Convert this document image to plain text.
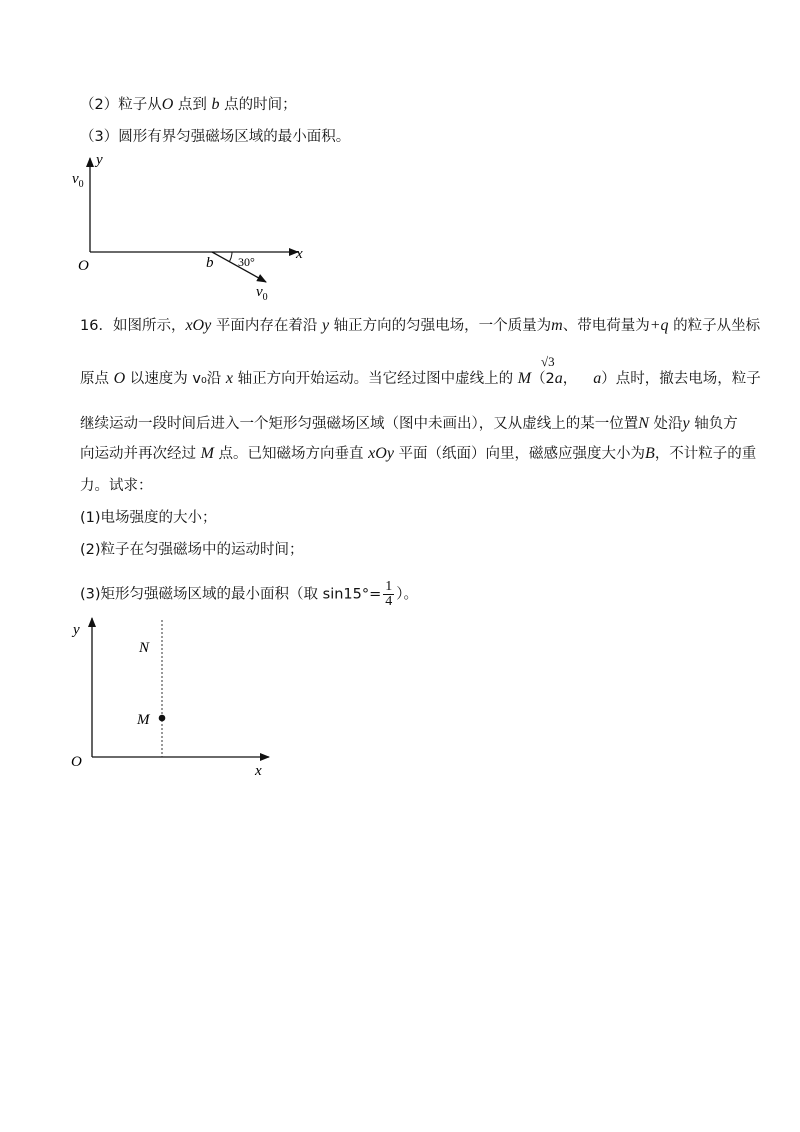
（2）粒子从O 点到 b 点的时间；
（3）圆形有界匀强磁场区域的最小面积。
y
$v_0$
O
x
b 30°
$v_0$
16．如图所示，xOy 平面内存在着沿 y 轴正方向的匀强电场，一个质量为m、带电荷量为+q 的粒子从坐标
√3
原点 O 以速度为 v₀沿 x 轴正方向开始运动。当它经过图中虚线上的 M（2a， a）点时，撤去电场，粒子
继续运动一段时间后进入一个矩形匀强磁场区域（图中未画出），又从虚线上的某一位置N 处沿y 轴负方
向运动并再次经过 M 点。已知磁场方向垂直 xOy 平面（纸面）向里，磁感应强度大小为B，不计粒子的重
力。试求：
(1)电场强度的大小；
(2)粒子在匀强磁场中的运动时间；
(3)矩形匀强磁场区域的最小面积（取 $\sin 15^\circ= \frac{1}{4}$ ）。
y
N
M
O
x
